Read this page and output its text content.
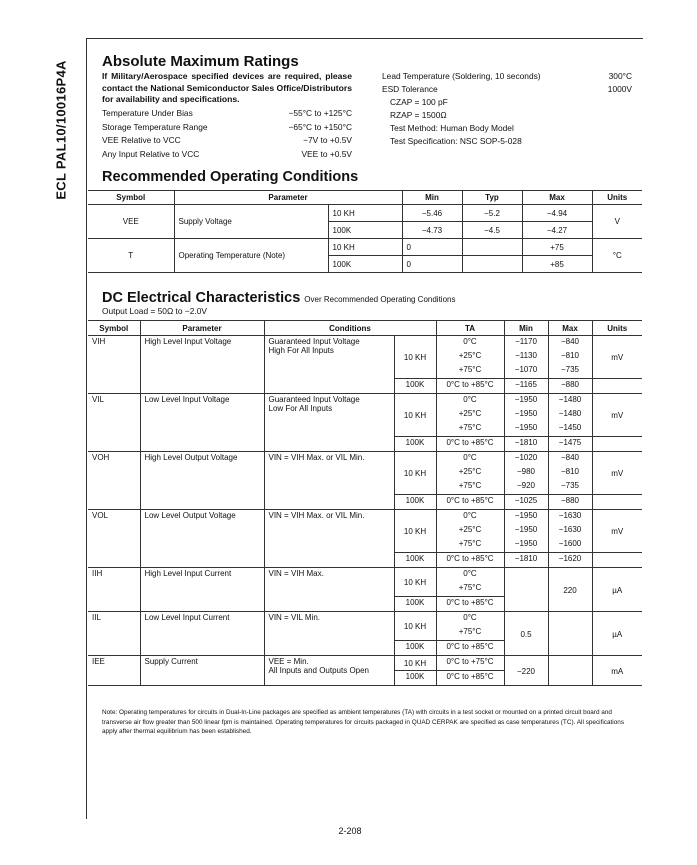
ECL PAL10/10016P4A Absolute Maximum Ratings
If Military/Aerospace specified devices are required, please contact the National Semiconductor Sales Office/Distributors for availability and specifications.
Temperature Under Bias	−55°C to +125°C
Storage Temperature Range	−65°C to +150°C
VEE Relative to VCC	−7V to +0.5V
Any Input Relative to VCC	VEE to +0.5V
Lead Temperature (Soldering, 10 seconds)	300°C
ESD Tolerance	1000V
CZAP = 100 pF
RZAP = 1500Ω
Test Method: Human Body Model
Test Specification: NSC SOP-5-028
Recommended Operating Conditions
Symbol	Parameter		Min	Typ	Max	Units
VEE	Supply Voltage	10 KH	−5.46	−5.2	−4.94	V
		100K	−4.73	−4.5	−4.27	
T	Operating Temperature (Note)	10 KH	0		+75	°C
		100K	0		+85	
DC Electrical Characteristics Over Recommended Operating Conditions
Output Load = 50Ω to −2.0V
Symbol	Parameter	Conditions		TA	Min	Max	Units
VIH	High Level Input Voltage	Guaranteed Input Voltage
High For All Inputs	10 KH	0°C	−1170	−840	mV
				+25°C	−1130	−810	
				+75°C	−1070	−735	
			100K	0°C to +85°C	−1165	−880	
VIL	Low Level Input Voltage	Guaranteed Input Voltage
Low For All Inputs	10 KH	0°C	−1950	−1480	mV
				+25°C	−1950	−1480	
				+75°C	−1950	−1450	
			100K	0°C to +85°C	−1810	−1475	
VOH	High Level Output Voltage	VIN = VIH Max. or VIL Min.	10 KH	0°C	−1020	−840	mV
				+25°C	−980	−810	
				+75°C	−920	−735	
			100K	0°C to +85°C	−1025	−880	
VOL	Low Level Output Voltage	VIN = VIH Max. or VIL Min.	10 KH	0°C	−1950	−1630	mV
				+25°C	−1950	−1630	
				+75°C	−1950	−1600	
			100K	0°C to +85°C	−1810	−1620	
IIH	High Level Input Current	VIN = VIH Max.	10 KH	0°C		220	µA
				+75°C			
			100K	0°C to +85°C			
IIL	Low Level Input Current	VIN = VIL Min.	10 KH	0°C	0.5		µA
				+75°C			
			100K	0°C to +85°C			
IEE	Supply Current	VEE = Min.
All Inputs and Outputs Open	10 KH	0°C to +75°C	−220		mA
			100K	0°C to +85°C			
Note: Operating temperatures for circuits in Dual-In-Line packages are specified as ambient temperatures (TA) with circuits in a test socket or mounted on a printed circuit board and transverse air flow greater than 500 linear fpm is maintained. Operating temperatures for circuits packaged in QUAD CERPAK are specified as case temperatures (TC). All specifications apply after thermal equilibrium has been established.
2-208
